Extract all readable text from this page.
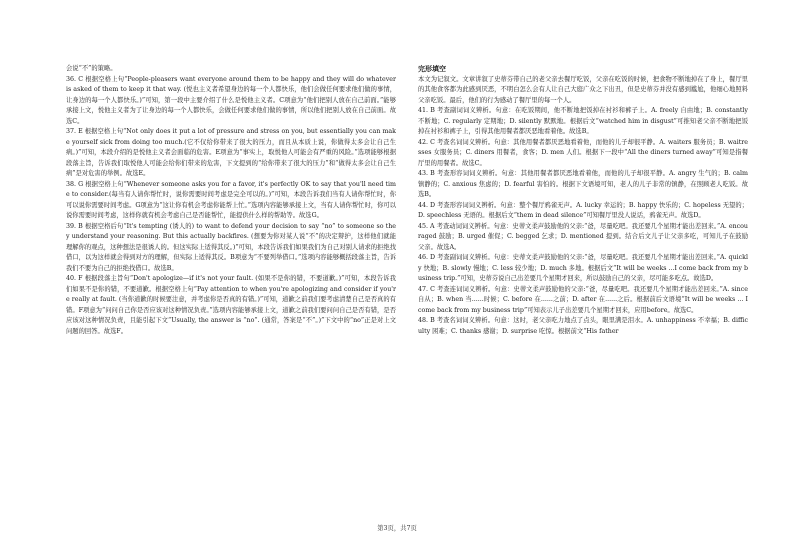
会说“不”的策略。

36. C 根据空格上句“People-pleasers want everyone around them to be happy and they will do whatever is asked of them to keep it that way. (悦也主义者希望身边的每一个人都快乐，他们会做任何要求他们做的事情，让身边的每一个人都快乐。)”可知，第一段中主要介绍了什么是悦他主义者。C项意为“他们把别人放在自己前面。”能够承接上文，悦他主义者为了让身边的每一个人都快乐，会做任何要求他们做的事情，所以他们把别人放在自己前面。故选C。

37. E 根据空格上句“Not only does it put a lot of pressure and stress on you, but essentially you can make yourself sick from doing too much.(它不仅给你带来了很大的压力，而且从本质上说，你做得太多会让自己生病。)”可知，本段介绍的是悦他主义者会面临的危害。E项意为“事实上，取悦他人可能会有严重的风险。”选项能够根据段落主旨，告诉我们取悦他人可能会给你们带来的危害，下文提到的“给你带来了很大的压力”和“做得太多会让自己生病”是对危害的举例。故选E。

38. G 根据空格上句“Whenever someone asks you for a favor, it's perfectly OK to say that you'll need time to consider.(每当有人请你帮忙时，说你需要时间考虑是完全可以的。)”可知，本段告诉我们当有人请你帮忙时，你可以说你需要时间考虑。G项意为“这让你有机会考虑你能帮上忙。”选项内容能够承接上文，当有人请你帮忙时，你可以说你需要时间考虑，这样你就有机会考虑自己是否能帮忙，能提供什么样的帮助等。故选G。

39. B 根据空格后句“It's tempting (诱人的) to want to defend your decision to say “no” to someone so they understand your reasoning. But this actually backfires. (想要为你对某人说“不”的决定辩护，这样他们就能理解你的观点，这种想法是很诱人的。但这实际上适得其反。)”可知，本段告诉我们如果我们为自己对别人请求的拒绝找借口，以为这样就会得到对方的理解，但实际上适得其反。B项意为“不要列举借口。”选项内容能够概括段落主旨，告诉我们不要为自己的拒绝找借口。故选B。

40. F 根据段落主旨句“Don't apologize—if it's not your fault. (如果不是你的错，不要道歉。)”可知，本段告诉我们如果不是你的错，不要道歉。根据空格上句“Pay attention to when you're apologizing and consider if you're really at fault. (当你道歉的时候要注意，并考虑你是否真的有错。)”可知，道歉之前我们要考虑清楚自己是否真的有错。F项意为“问问自己你是否应该对这种情况负责。”选项内容能够承接上文，道歉之前我们要问问自己是否有错，是否应该对这种情况负责，且能引起下文“Usually, the answer is “no”. (通常，答案是“不”。)”下文中的“no”正是对上文问题的回答。故选F。

完形填空

本文为记叙文。文章讲叙了史蒂芬带自己的老父亲去餐厅吃饭，父亲在吃饭的时候，把食物不断地掉在了身上，餐厅里的其他食客都为此感到厌恶，不明白怎么会有人让自己大庭广众之下出丑，但是史蒂芬并没有感到尴尬，他细心地照料父亲吃饭。最后，他们的行为感动了餐厅里的每一个人。

41. B 考查副词词义辨析。句意：在吃饭期间，他不断地把饭掉在衬衫和裤子上。A. freely 自由地；B. constantly 不断地；C. regularly 定期地；D. silently 默默地。根据后文“watched him in disgust”可推知老父亲不断地把饭掉在衬衫和裤子上，引得其他用餐者都厌恶地看着他。故选B。

42. C 考查名词词义辨析。句意：其他用餐者都厌恶地看着他，而他的儿子却很平静。A. waiters 服务员；B. waitresses 女服务员；C. diners 用餐者，食客；D. men 人们。根据下一段中“All the diners turned away”可知是指餐厅里的用餐者。故选C。

43. B 考查形容词词义辨析。句意：其他用餐者都厌恶地看着他，而他的儿子却很平静。A. angry 生气的；B. calm 镇静的；C. anxious 焦虑的；D. fearful 害怕的。根据下文语境可知，老人的儿子非常的镇静，在照顾老人吃饭。故选B。

44. D 考查形容词词义辨析。句意：整个餐厅鸦雀无声。A. lucky 幸运的；B. happy 快乐的；C. hopeless 无望的；D. speechless 无语的。根据后文“them in dead silence”可知餐厅里没人说话，鸦雀无声。故选D。

45. A 考查动词词义辨析。句意：史蒂文柔声鼓励他的父亲:“爸，尽量吃吧。我还要几个星期才能出差回来。”A. encouraged 鼓励；B. urged 催促；C. begged 乞求；D. mentioned 提到。结合后文儿子让父亲多吃，可知儿子在鼓励父亲。故选A。

46. D 考查副词词义辨析。句意：史蒂文柔声鼓励他的父亲:“爸，尽量吃吧。我还要几个星期才能出差回来。”A. quickly 快地；B. slowly 慢地；C. less 较少地；D. much 多地。根据后文“It will be weeks ...I come back from my business trip.”可知，史蒂芬说自己出差要几个星期才回来，所以鼓励自己的父亲，尽可能多吃点。故选D。

47. C 考查连词词义辨析。句意：史蒂文柔声鼓励他的父亲:“爸，尽量吃吧。我还要几个星期才能出差回来。”A. since 自从；B. when 当......时候；C. before 在......之前；D. after 在......之后。根据前后文语境“It will be weeks ... I come back from my business trip”可知表示儿子出差要几个星期才回来，应用before。故选C。

48. B 考查名词词义辨析。句意：这时，老父亲吃力地点了点头，眼里满是泪水。A. unhappiness 不幸福；B. difficulty 困难；C. thanks 感谢；D. surprise 吃惊。根据前文“His father

第3页，共7页
